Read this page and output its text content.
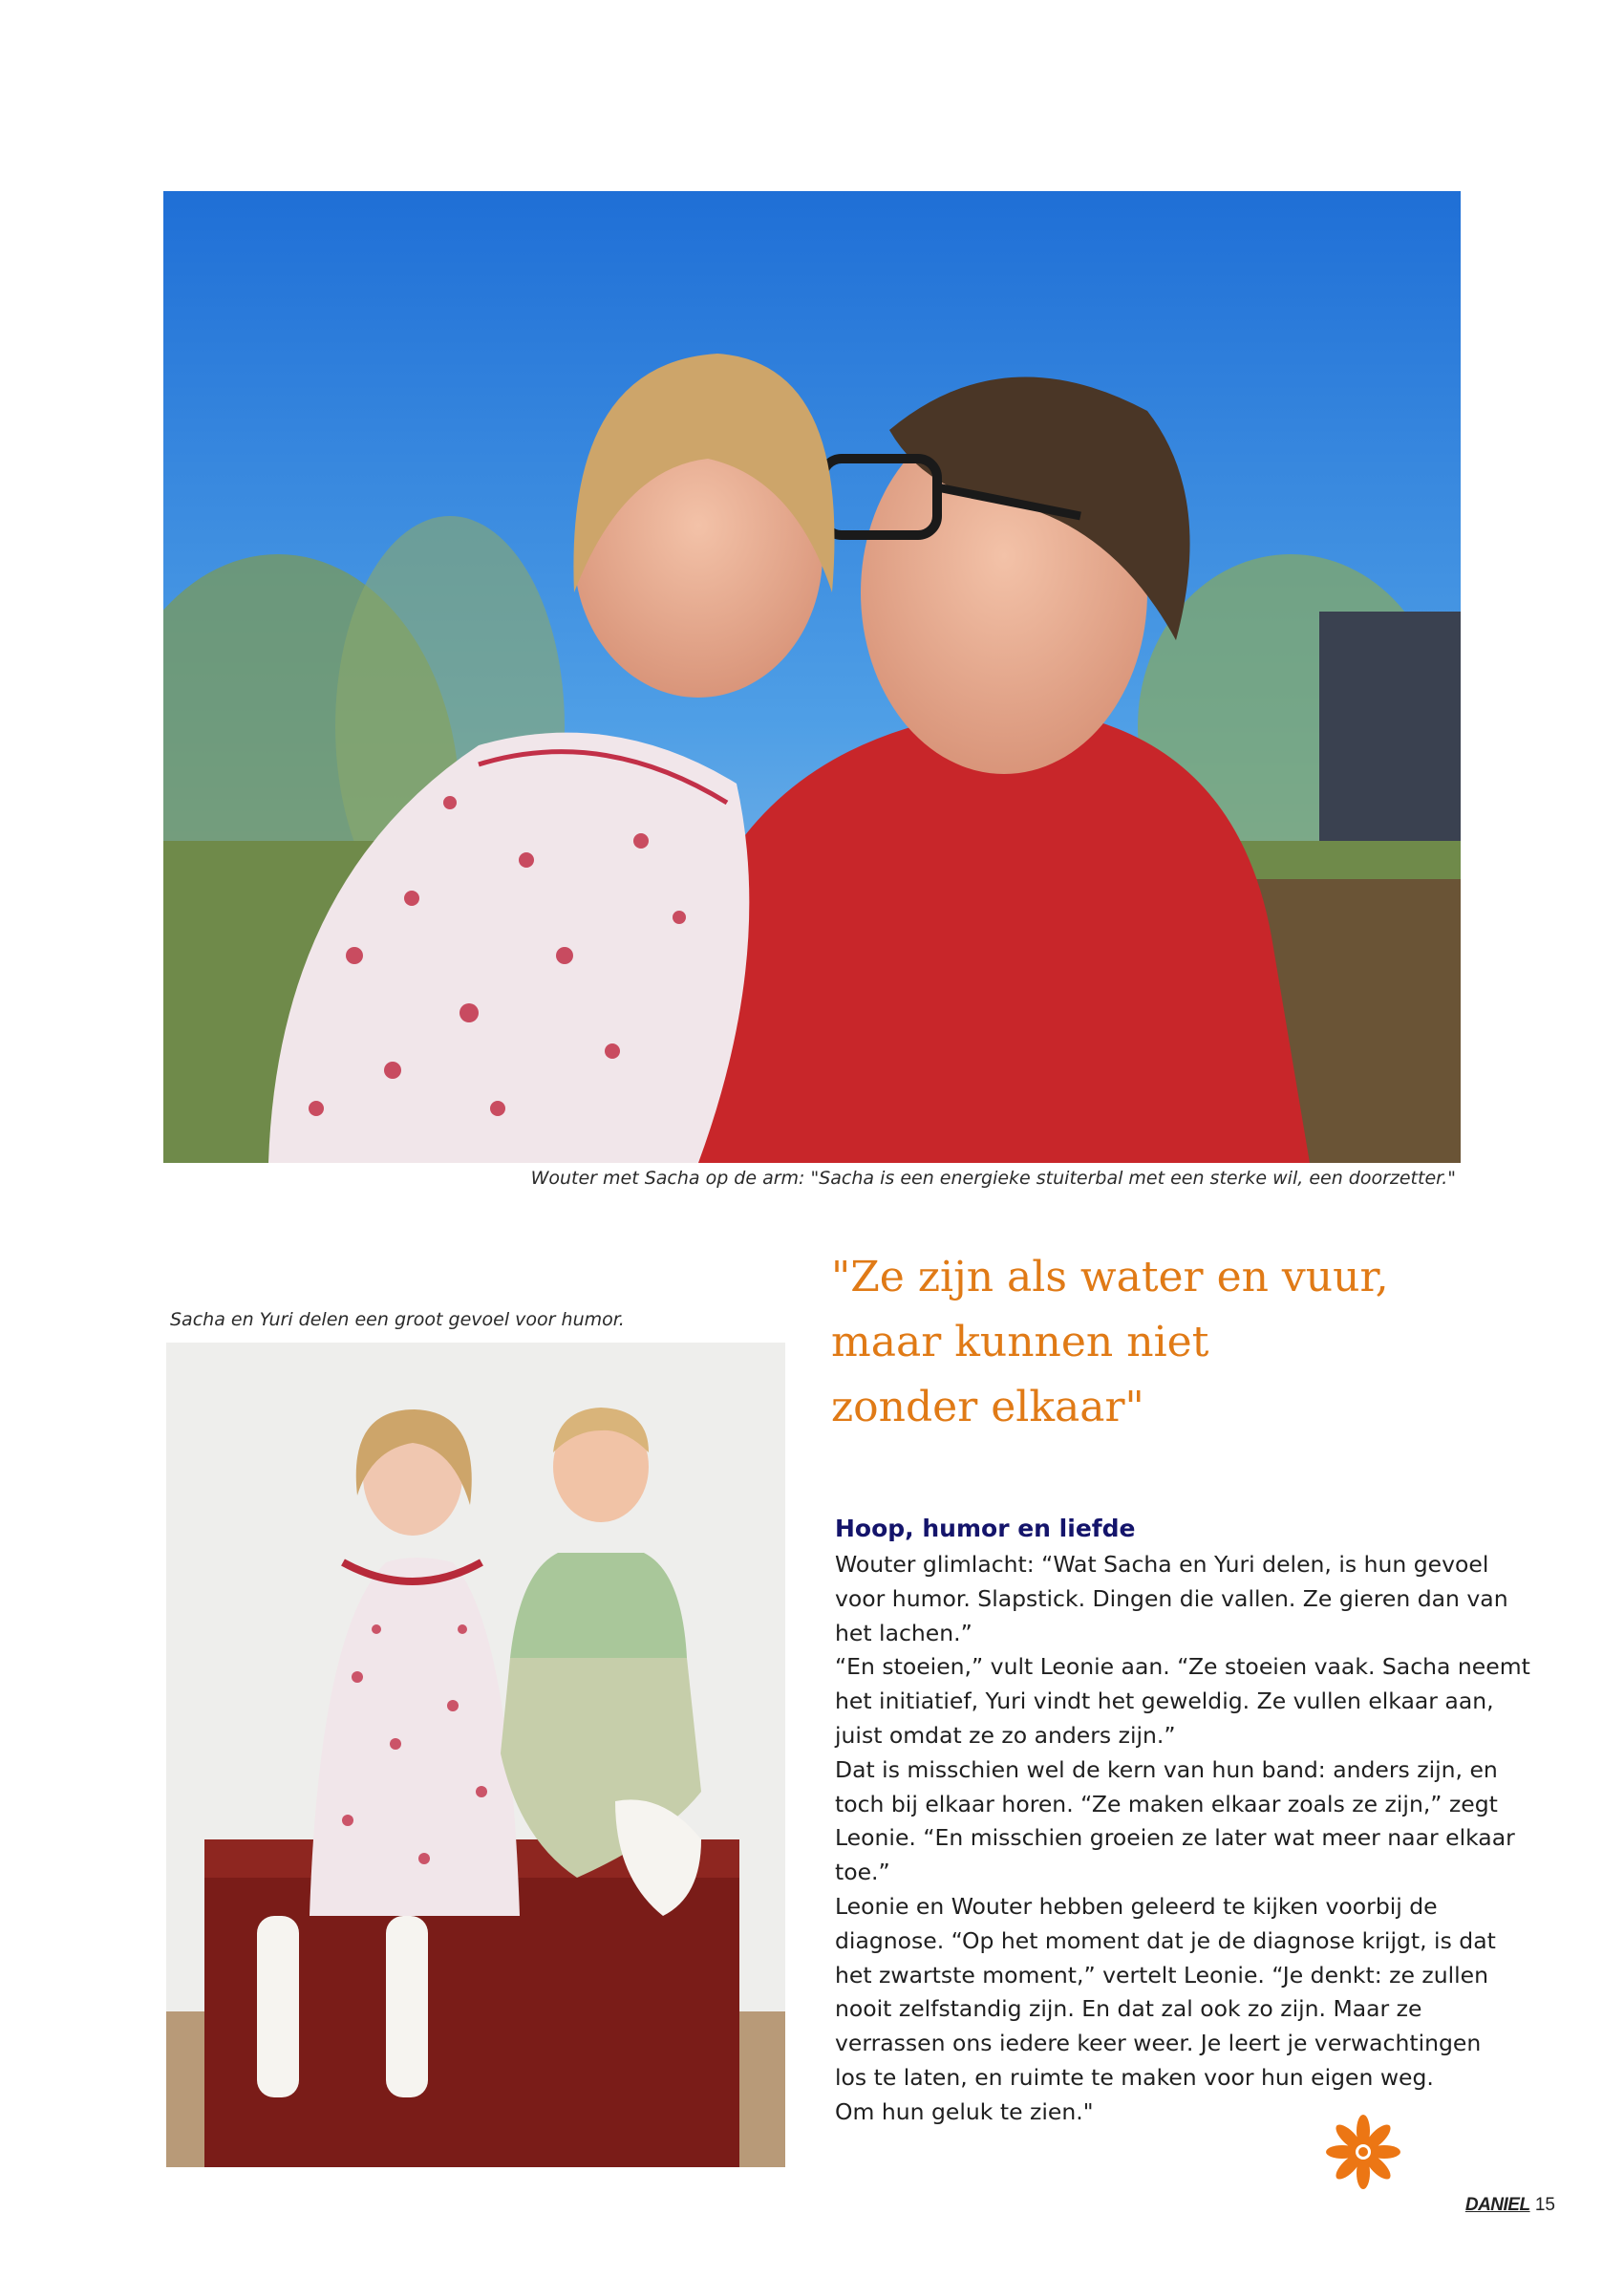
Wouter met Sacha op de arm: "Sacha is een energieke stuiterbal met een sterke wil, een doorzetter."

"Ze zijn als water en vuur,
maar kunnen niet
zonder elkaar"

Sacha en Yuri delen een groot gevoel voor humor.

Hoop, humor en liefde
Wouter glimlacht: “Wat Sacha en Yuri delen, is hun gevoel
voor humor. Slapstick. Dingen die vallen. Ze gieren dan van
het lachen.”
“En stoeien,” vult Leonie aan. “Ze stoeien vaak. Sacha neemt
het initiatief, Yuri vindt het geweldig. Ze vullen elkaar aan,
juist omdat ze zo anders zijn.”
Dat is misschien wel de kern van hun band: anders zijn, en
toch bij elkaar horen. “Ze maken elkaar zoals ze zijn,” zegt
Leonie. “En misschien groeien ze later wat meer naar elkaar
toe.”
Leonie en Wouter hebben geleerd te kijken voorbij de
diagnose. “Op het moment dat je de diagnose krijgt, is dat
het zwartste moment,” vertelt Leonie. “Je denkt: ze zullen
nooit zelfstandig zijn. En dat zal ook zo zijn. Maar ze
verrassen ons iedere keer weer. Je leert je verwachtingen
los te laten, en ruimte te maken voor hun eigen weg.
Om hun geluk te zien."
DANIEL 15
